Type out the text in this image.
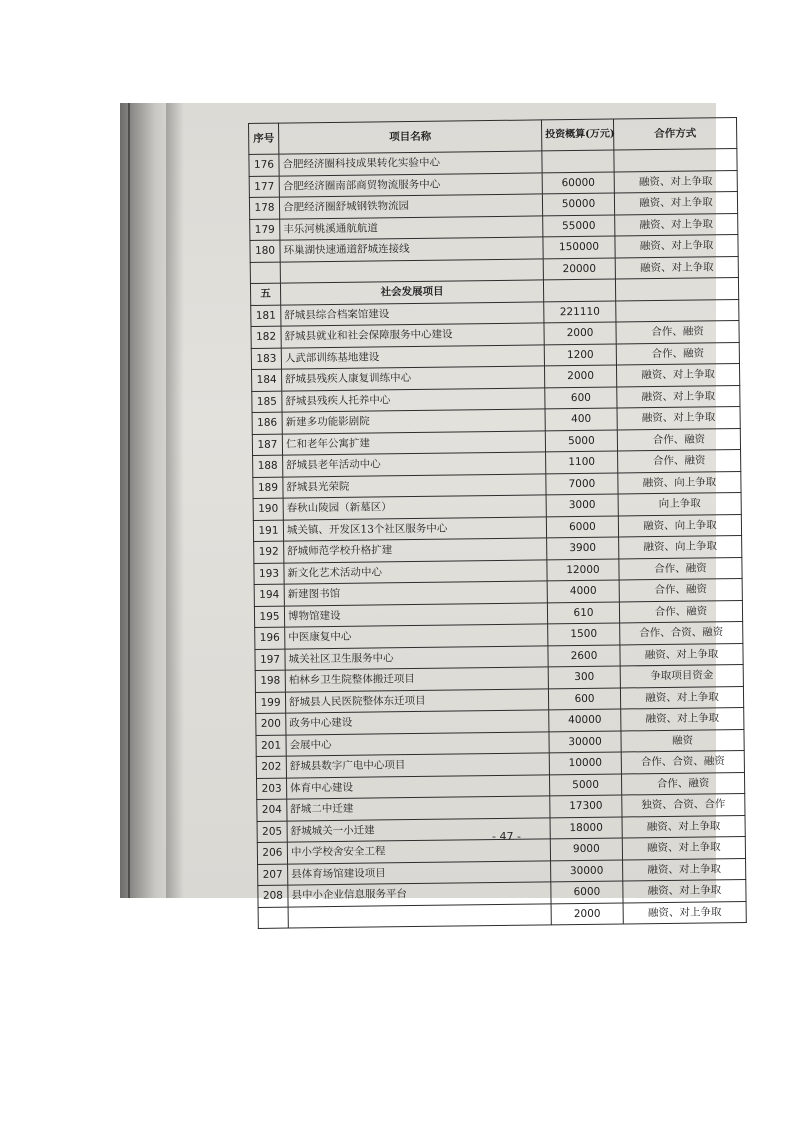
序号	项目名称	投资概算(万元)	合作方式
176	合肥经济圈科技成果转化实验中心		
177	合肥经济圈南部商贸物流服务中心	60000	融资、对上争取
178	合肥经济圈舒城钢铁物流园	50000	融资、对上争取
179	丰乐河桃溪通航航道	55000	融资、对上争取
180	环巢湖快速通道舒城连接线	150000	融资、对上争取
		20000	融资、对上争取
五	社会发展项目		
181	舒城县综合档案馆建设	221110	
182	舒城县就业和社会保障服务中心建设	2000	合作、融资
183	人武部训练基地建设	1200	合作、融资
184	舒城县残疾人康复训练中心	2000	融资、对上争取
185	舒城县残疾人托养中心	600	融资、对上争取
186	新建多功能影剧院	400	融资、对上争取
187	仁和老年公寓扩建	5000	合作、融资
188	舒城县老年活动中心	1100	合作、融资
189	舒城县光荣院	7000	融资、向上争取
190	春秋山陵园（新墓区）	3000	向上争取
191	城关镇、开发区13个社区服务中心	6000	融资、向上争取
192	舒城师范学校升格扩建	3900	融资、向上争取
193	新文化艺术活动中心	12000	合作、融资
194	新建图书馆	4000	合作、融资
195	博物馆建设	610	合作、融资
196	中医康复中心	1500	合作、合资、融资
197	城关社区卫生服务中心	2600	融资、对上争取
198	柏林乡卫生院整体搬迁项目	300	争取项目资金
199	舒城县人民医院整体东迁项目	600	融资、对上争取
200	政务中心建设	40000	融资、对上争取
201	会展中心	30000	融资
202	舒城县数字广电中心项目	10000	合作、合资、融资
203	体育中心建设	5000	合作、融资
204	舒城二中迁建	17300	独资、合资、合作
205	舒城城关一小迁建	18000	融资、对上争取
206	中小学校舍安全工程	9000	融资、对上争取
207	县体育场馆建设项目	30000	融资、对上争取
208	县中小企业信息服务平台	6000	融资、对上争取
		2000	融资、对上争取
- 47 -
